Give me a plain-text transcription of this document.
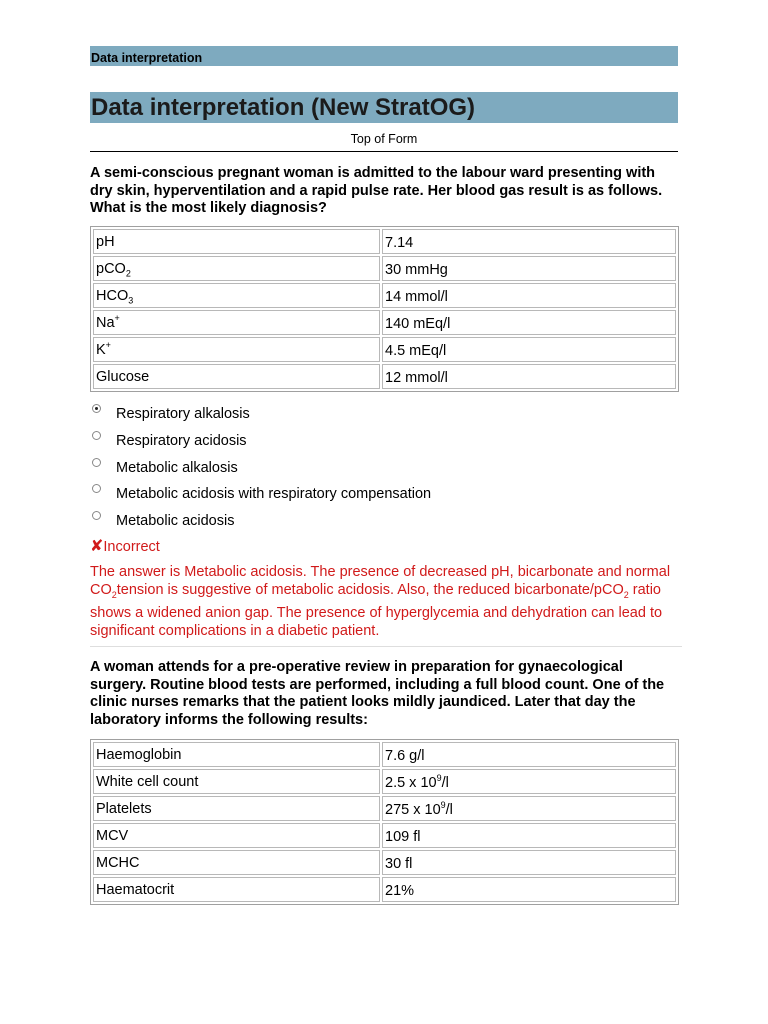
Data interpretation
Data interpretation (New StratOG)
Top of Form
A semi-conscious pregnant woman is admitted to the labour ward presenting with dry skin, hyperventilation and a rapid pulse rate. Her blood gas result is as follows. What is the most likely diagnosis?
pH	7.14
pCO$_2$	30 mmHg
$HCO_3$	14 mmol/l
Na+	140 mEq/l
K+	4.5 mEq/l
Glucose	12 mmol/l
Respiratory alkalosis
Respiratory acidosis
Metabolic alkalosis
Metabolic acidosis with respiratory compensation
Metabolic acidosis
✘Incorrect
The answer is Metabolic acidosis. The presence of decreased pH, bicarbonate and normal $CO_2tension$ is suggestive of metabolic acidosis. Also, the reduced bicarbonate/pCO$_2$ ratio shows a widened anion gap. The presence of hyperglycemia and dehydration can lead to significant complications in a diabetic patient.
A woman attends for a pre-operative review in preparation for gynaecological surgery. Routine blood tests are performed, including a full blood count. One of the clinic nurses remarks that the patient looks mildly jaundiced. Later that day the laboratory informs the following results:
Haemoglobin	7.6 g/l
White cell count	2.5 x $10^9/l$
Platelets	275 x $10^9/l$
MCV	109 fl
MCHC	30 fl
Haematocrit	21%
